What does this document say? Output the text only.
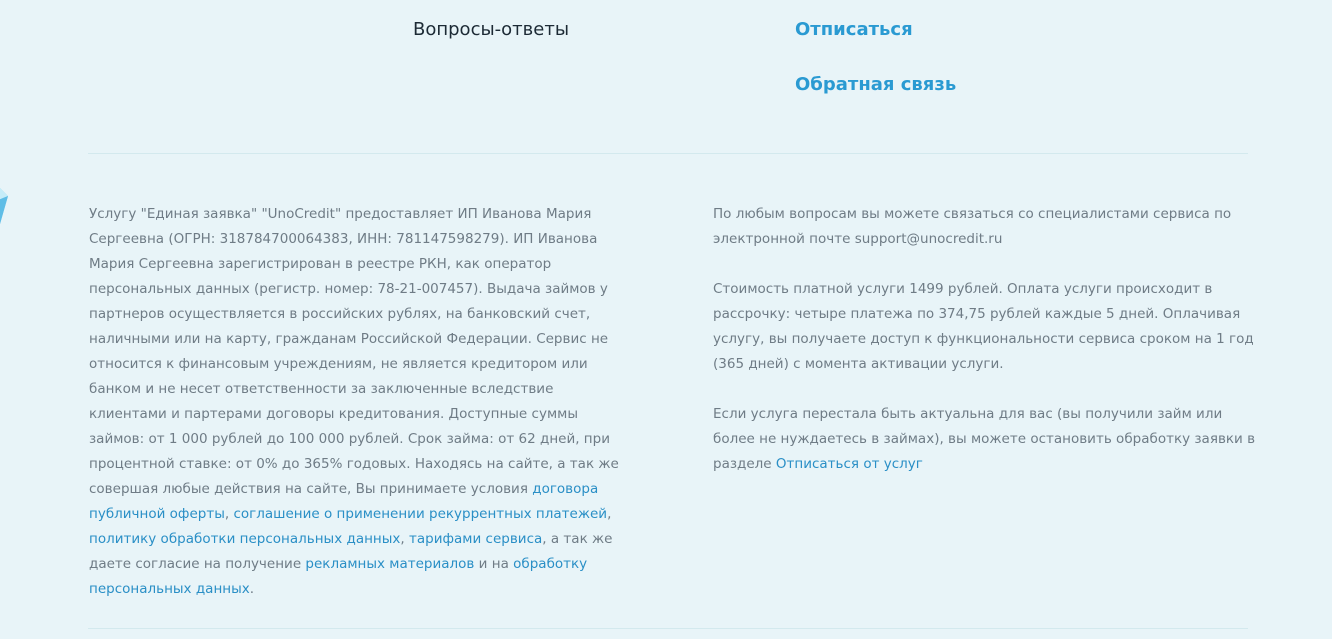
Вопросы-ответы	Отписаться
Обратная связь
Услугу "Единая заявка" "UnoCredit" предоставляет ИП Иванова Мария Сергеевна (ОГРН: 318784700064383, ИНН: 781147598279). ИП Иванова Мария Сергеевна зарегистрирован в реестре РКН, как оператор персональных данных (регистр. номер: 78-21-007457). Выдача займов у партнеров осуществляется в российских рублях, на банковский счет, наличными или на карту, гражданам Российской Федерации. Сервис не относится к финансовым учреждениям, не является кредитором или банком и не несет ответственности за заключенные вследствие клиентами и партерами договоры кредитования. Доступные суммы займов: от 1 000 рублей до 100 000 рублей. Срок займа: от 62 дней, при процентной ставке: от 0% до 365% годовых. Находясь на сайте, а так же совершая любые действия на сайте, Вы принимаете условия договора публичной оферты, соглашение о применении рекуррентных платежей, политику обработки персональных данных, тарифами сервиса, а так же даете согласие на получение рекламных материалов и на обработку персональных данных.

По любым вопросам вы можете связаться со специалистами сервиса по электронной почте support@unocredit.ru

Стоимость платной услуги 1499 рублей. Оплата услуги происходит в рассрочку: четыре платежа по 374,75 рублей каждые 5 дней. Оплачивая услугу, вы получаете доступ к функциональности сервиса сроком на 1 год (365 дней) с момента активации услуги.

Если услуга перестала быть актуальна для вас (вы получили займ или более не нуждаетесь в займах), вы можете остановить обработку заявки в разделе Отписаться от услуг
